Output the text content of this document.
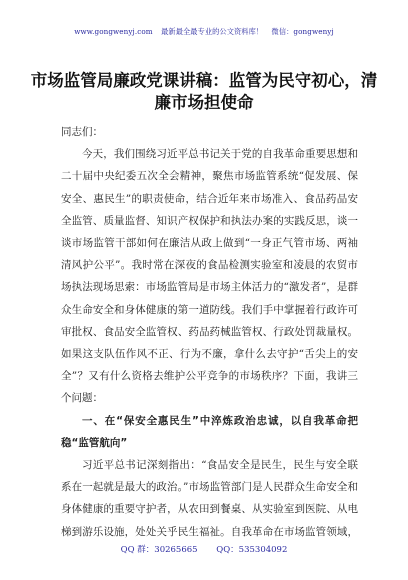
www.gongwenyj.com 最新最全最专业的公文资料库！ 微信：gongwenyj
市场监管局廉政党课讲稿：监管为民守初心，清廉市场担使命

同志们：

今天，我们围绕习近平总书记关于党的自我革命重要思想和二十届中央纪委五次全会精神，聚焦市场监管系统“促发展、保安全、惠民生”的职责使命，结合近年来市场准入、食品药品安全监管、质量监督、知识产权保护和执法办案的实践反思，谈一谈市场监管干部如何在廉洁从政上做到“一身正气管市场、两袖清风护公平”。我时常在深夜的食品检测实验室和凌晨的农贸市场执法现场思索：市场监管局是市场主体活力的“激发者”，是群众生命安全和身体健康的第一道防线。我们手中掌握着行政许可审批权、食品安全监管权、药品药械监管权、行政处罚裁量权。如果这支队伍作风不正、行为不廉，拿什么去守护“舌尖上的安全”？又有什么资格去维护公平竞争的市场秩序？下面，我讲三个问题：

一、在“保安全惠民生”中淬炼政治忠诚，以自我革命把稳“监管航向”

习近平总书记深刻指出：“食品安全是民生，民生与安全联系在一起就是最大的政治。”市场监管部门是人民群众生命安全和身体健康的重要守护者，从农田到餐桌、从实验室到医院、从电梯到游乐设施，处处关乎民生福祉。自我革命在市场监管领域，

QQ 群：30265665 QQ：535304092
